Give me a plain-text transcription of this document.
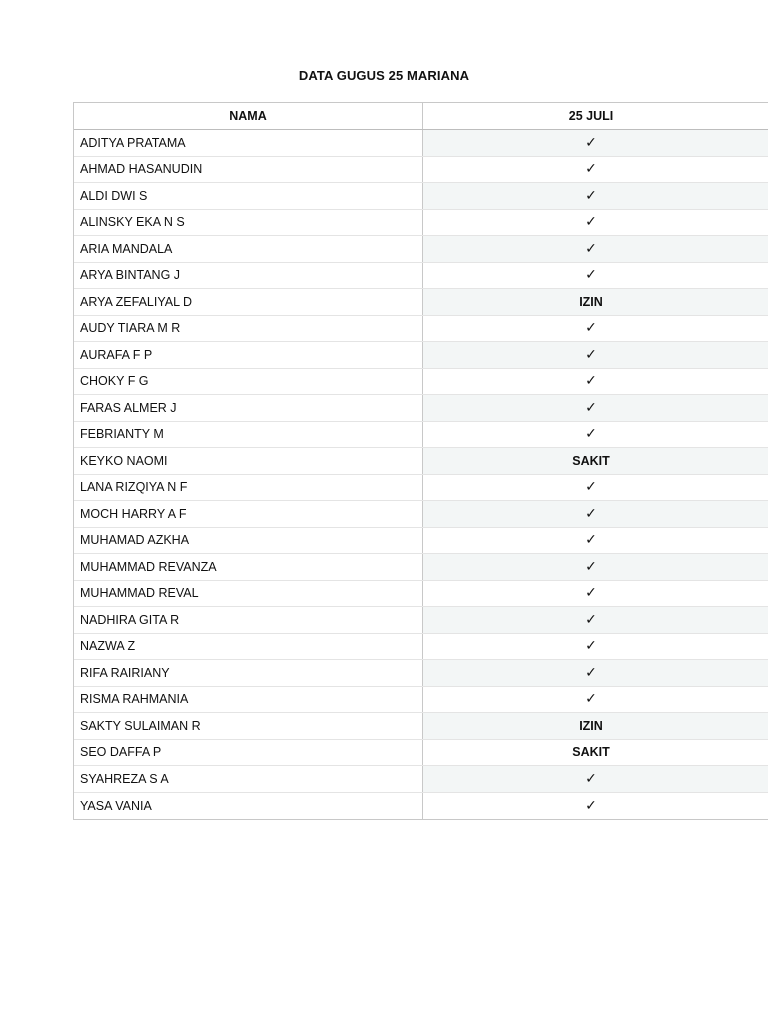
DATA GUGUS 25 MARIANA
NAMA	25 JULI
ADITYA PRATAMA	✓
AHMAD HASANUDIN	✓
ALDI DWI S	✓
ALINSKY EKA N S	✓
ARIA MANDALA	✓
ARYA BINTANG J	✓
ARYA ZEFALIYAL D	IZIN
AUDY TIARA M R	✓
AURAFA F P	✓
CHOKY F G	✓
FARAS ALMER J	✓
FEBRIANTY M	✓
KEYKO NAOMI	SAKIT
LANA RIZQIYA N F	✓
MOCH HARRY A F	✓
MUHAMAD AZKHA	✓
MUHAMMAD REVANZA	✓
MUHAMMAD REVAL	✓
NADHIRA GITA R	✓
NAZWA Z	✓
RIFA RAIRIANY	✓
RISMA RAHMANIA	✓
SAKTY SULAIMAN R	IZIN
SEO DAFFA P	SAKIT
SYAHREZA S A	✓
YASA VANIA	✓
